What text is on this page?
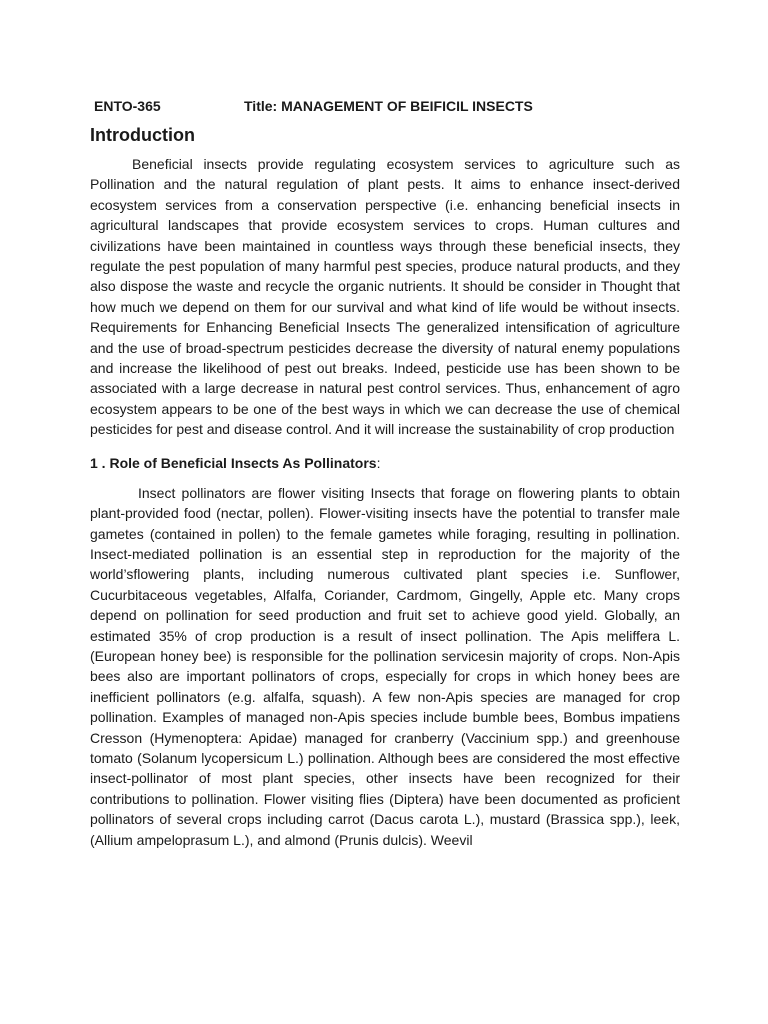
ENTO-365	Title: MANAGEMENT OF BEIFICIL INSECTS
Introduction

Beneficial insects provide regulating ecosystem services to agriculture such as Pollination and the natural regulation of plant pests. It aims to enhance insect-derived ecosystem services from a conservation perspective (i.e. enhancing beneficial insects in agricultural landscapes that provide ecosystem services to crops. Human cultures and civilizations have been maintained in countless ways through these beneficial insects, they regulate the pest population of many harmful pest species, produce natural products, and they also dispose the waste and recycle the organic nutrients. It should be consider in Thought that how much we depend on them for our survival and what kind of life would be without insects. Requirements for Enhancing Beneficial Insects The generalized intensification of agriculture and the use of broad-spectrum pesticides decrease the diversity of natural enemy populations and increase the likelihood of pest out breaks. Indeed, pesticide use has been shown to be associated with a large decrease in natural pest control services. Thus, enhancement of agro ecosystem appears to be one of the best ways in which we can decrease the use of chemical pesticides for pest and disease control. And it will increase the sustainability of crop production

1 . Role of Beneficial Insects As Pollinators:

Insect pollinators are flower visiting Insects that forage on flowering plants to obtain plant-provided food (nectar, pollen). Flower-visiting insects have the potential to transfer male gametes (contained in pollen) to the female gametes while foraging, resulting in pollination. Insect-mediated pollination is an essential step in reproduction for the majority of the world’sflowering plants, including numerous cultivated plant species i.e. Sunflower, Cucurbitaceous vegetables, Alfalfa, Coriander, Cardmom, Gingelly, Apple etc. Many crops depend on pollination for seed production and fruit set to achieve good yield. Globally, an estimated 35% of crop production is a result of insect pollination. The Apis meliffera L. (European honey bee) is responsible for the pollination servicesin majority of crops. Non-Apis bees also are important pollinators of crops, especially for crops in which honey bees are inefficient pollinators (e.g. alfalfa, squash). A few non-Apis species are managed for crop pollination. Examples of managed non-Apis species include bumble bees, Bombus impatiens Cresson (Hymenoptera: Apidae) managed for cranberry (Vaccinium spp.) and greenhouse tomato (Solanum lycopersicum L.) pollination. Although bees are considered the most effective insect-pollinator of most plant species, other insects have been recognized for their contributions to pollination. Flower visiting flies (Diptera) have been documented as proficient pollinators of several crops including carrot (Dacus carota L.), mustard (Brassica spp.), leek, (Allium ampeloprasum L.), and almond (Prunis dulcis). Weevil
